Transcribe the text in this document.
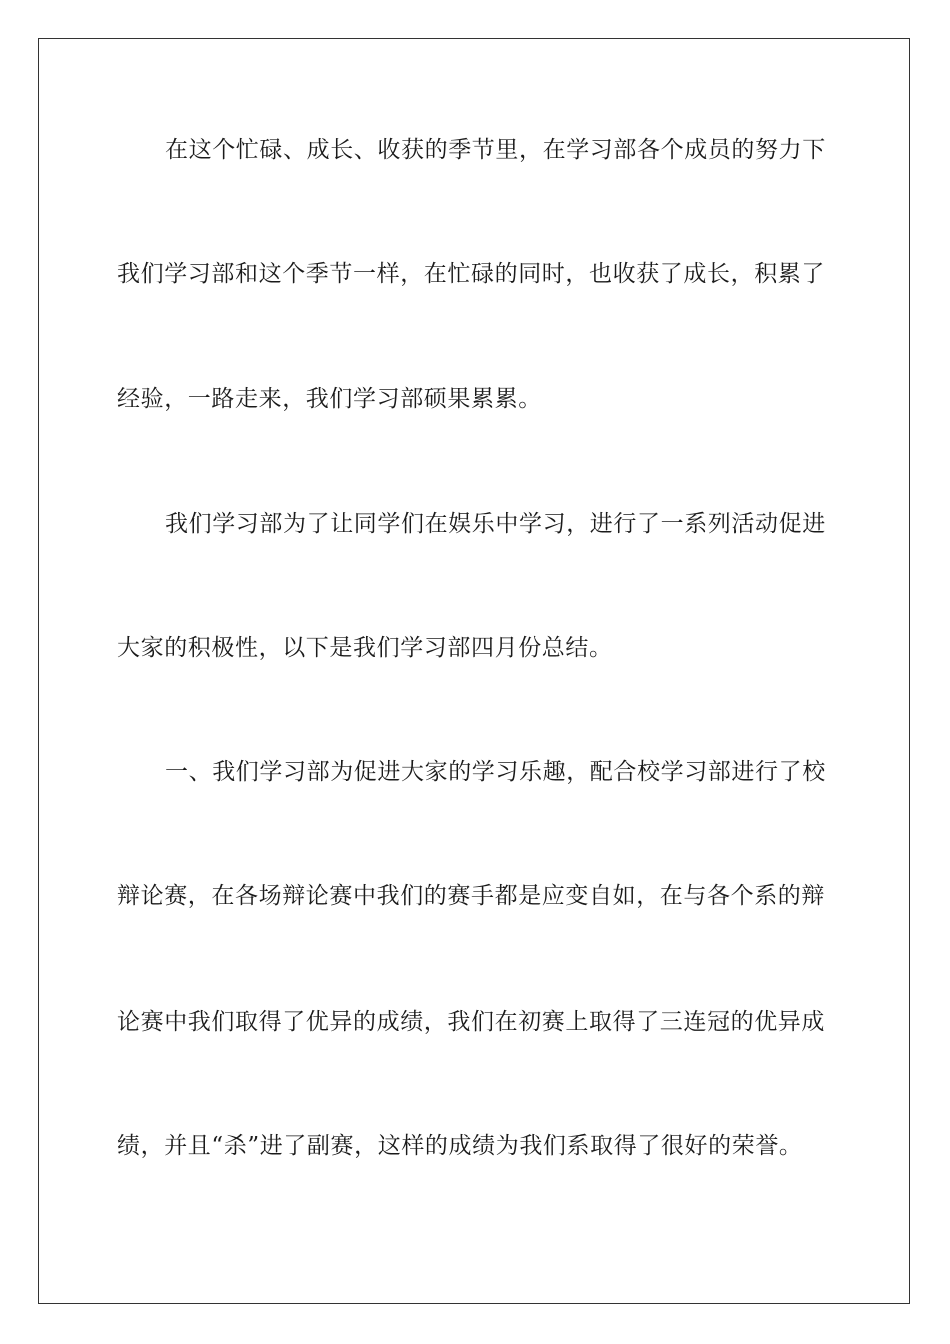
在这个忙碌、成长、收获的季节里，在学习部各个成员的努力下
我们学习部和这个季节一样，在忙碌的同时，也收获了成长，积累了
经验，一路走来，我们学习部硕果累累。
我们学习部为了让同学们在娱乐中学习，进行了一系列活动促进
大家的积极性，以下是我们学习部四月份总结。
一、我们学习部为促进大家的学习乐趣，配合校学习部进行了校
辩论赛，在各场辩论赛中我们的赛手都是应变自如，在与各个系的辩
论赛中我们取得了优异的成绩，我们在初赛上取得了三连冠的优异成
绩，并且“杀”进了副赛，这样的成绩为我们系取得了很好的荣誉。
